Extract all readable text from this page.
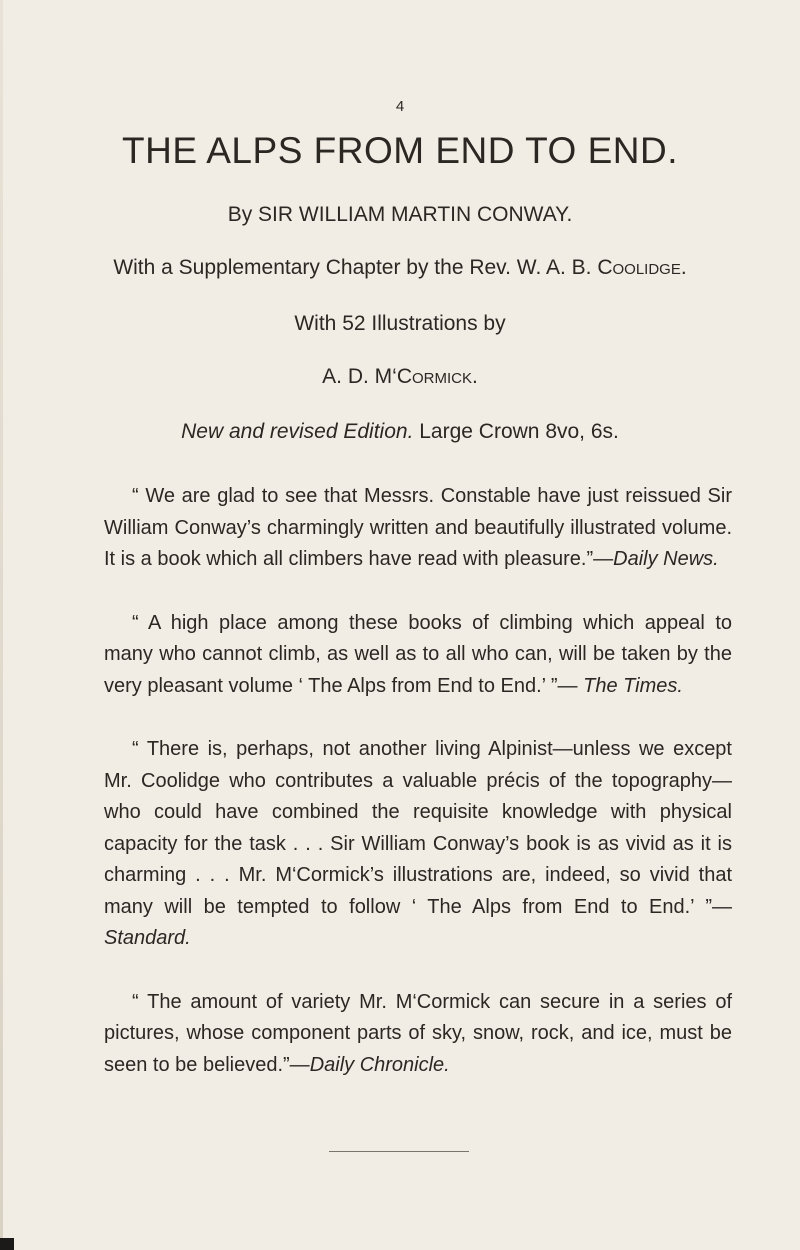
4
THE ALPS FROM END TO END.
By SIR WILLIAM MARTIN CONWAY.
With a Supplementary Chapter by the Rev. W. A. B. Coolidge.
With 52 Illustrations by
A. D. M‘Cormick.
New and revised Edition. Large Crown 8vo, 6s.

“ We are glad to see that Messrs. Constable have just reissued Sir William Conway’s charmingly written and beautifully illustrated volume. It is a book which all climbers have read with pleasure.”—Daily News.

“ A high place among these books of climbing which appeal to many who cannot climb, as well as to all who can, will be taken by the very pleasant volume ‘ The Alps from End to End.’ ”— The Times.

“ There is, perhaps, not another living Alpinist—unless we except Mr. Coolidge who contributes a valuable précis of the topography—who could have combined the requisite knowledge with physical capacity for the task . . . Sir William Conway’s book is as vivid as it is charming . . . Mr. M‘Cormick’s illustrations are, indeed, so vivid that many will be tempted to follow ‘ The Alps from End to End.’ ”—Standard.

“ The amount of variety Mr. M‘Cormick can secure in a series of pictures, whose component parts of sky, snow, rock, and ice, must be seen to be believed.”—Daily Chronicle.
